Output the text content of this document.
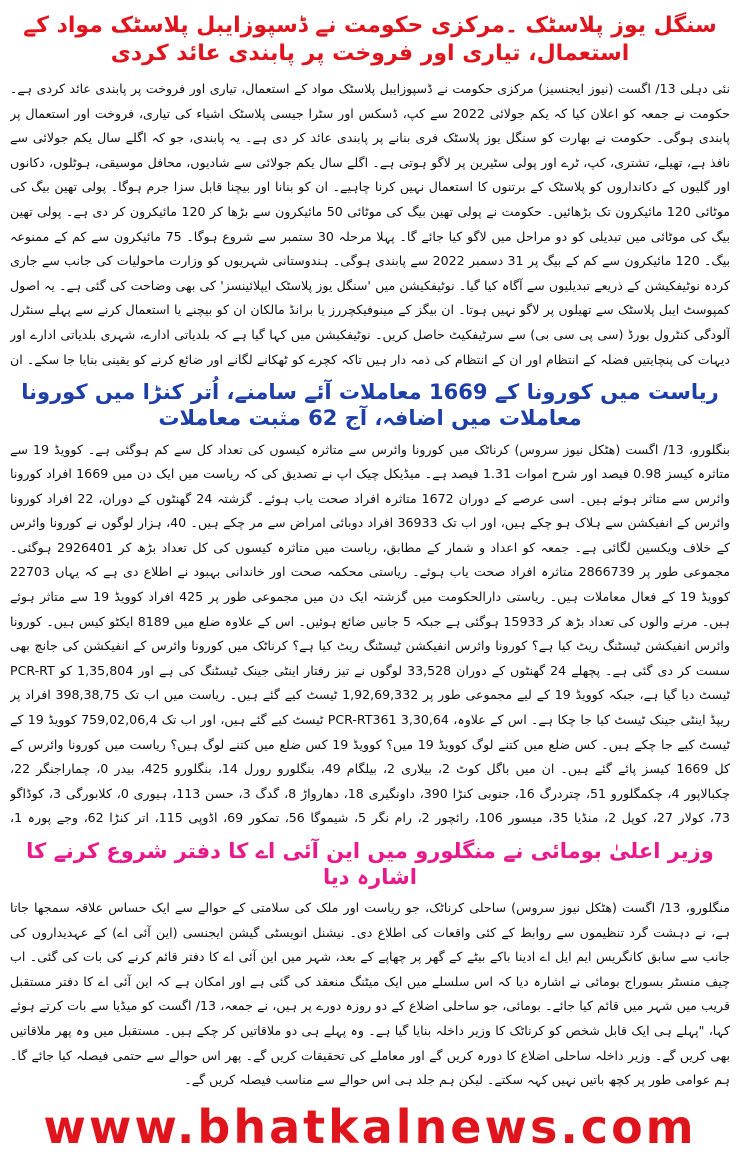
سنگل یوز پلاسٹک ۔مرکزی حکومت نے ڈسپوزایبل پلاسٹک مواد کے استعمال، تیاری اور فروخت پر پابندی عائد کردی

نئی دہلی 13/ اگست (نیوز ایجنسیز) مرکزی حکومت نے ڈسپوزایبل پلاسٹک مواد کے استعمال، تیاری اور فروخت پر پابندی عائد کردی ہے۔ حکومت نے جمعہ کو اعلان کیا کہ یکم جولائی 2022 سے کپ، ڈسکس اور سٹرا جیسی پلاسٹک اشیاء کی تیاری، فروخت اور استعمال پر پابندی ہوگی۔ حکومت نے بھارت کو سنگل یوز پلاسٹک فری بنانے پر پابندی عائد کر دی ہے۔ یہ پابندی، جو کہ اگلے سال یکم جولائی سے نافذ ہے، تھیلے، تشتری، کپ، ٹرے اور پولی سٹیرین پر لاگو ہوتی ہے۔ اگلے سال یکم جولائی سے شادیوں، محافل موسیقی، ہوٹلوں، دکانوں اور گلیوں کے دکانداروں کو پلاسٹک کے برتنوں کا استعمال نہیں کرنا چاہیے۔ ان کو بنانا اور بیچنا قابل سزا جرم ہوگا۔ پولی تھین بیگ کی موٹائی 120 مائیکرون تک بڑھائیں۔ حکومت نے پولی تھین بیگ کی موٹائی 50 مائیکرون سے بڑھا کر 120 مائیکرون کر دی ہے۔ پولی تھین بیگ کی موٹائی میں تبدیلی کو دو مراحل میں لاگو کیا جائے گا۔ پہلا مرحلہ 30 ستمبر سے شروع ہوگا۔ 75 مائیکرون سے کم کے ممنوعہ بیگ۔ 120 مائیکرون سے کم کے بیگ پر 31 دسمبر 2022 سے پابندی ہوگی۔ ہندوستانی شہریوں کو وزارت ماحولیات کی جانب سے جاری کردہ نوٹیفکیشن کے ذریعے تبدیلیوں سے آگاہ کیا گیا۔ نوٹیفکیشن میں 'سنگل یوز پلاسٹک ایپلائینسز' کی بھی وضاحت کی گئی ہے۔ یہ اصول کمپوسٹ ایبل پلاسٹک سے تھیلوں پر لاگو نہیں ہوتا۔ ان بیگز کے مینوفیکچررز یا برانڈ مالکان ان کو بیچنے یا استعمال کرنے سے پہلے سنٹرل آلودگی کنٹرول بورڈ (سی پی سی بی) سے سرٹیفکیٹ حاصل کریں۔ نوٹیفکیشن میں کہا گیا ہے کہ بلدیاتی ادارے، شہری بلدیاتی ادارے اور دیہات کی پنچایتیں فضلہ کے انتظام اور ان کے انتظام کی ذمہ دار ہیں تاکہ کچرے کو ٹھکانے لگانے اور ضائع کرنے کو یقینی بنایا جا سکے۔ ان

ریاست میں کورونا کے 1669 معاملات آئے سامنے، اُتر کنڑا میں کورونا معاملات میں اضافہ، آج 62 مثبت معاملات

بنگلورو، 13/ اگست (ھٹکل نیوز سروس) کرناٹک میں کورونا وائرس سے متاثرہ کیسوں کی تعداد کل سے کم ہوگئی ہے۔ کوویڈ 19 سے متاثرہ کیسز 0.98 فیصد اور شرح اموات 1.31 فیصد ہے۔ میڈیکل چیک اپ نے تصدیق کی کہ ریاست میں ایک دن میں 1669 افراد کورونا وائرس سے متاثر ہوئے ہیں۔ اسی عرصے کے دوران 1672 متاثرہ افراد صحت یاب ہوئے۔ گزشتہ 24 گھنٹوں کے دوران، 22 افراد کورونا وائرس کے انفیکشن سے ہلاک ہو چکے ہیں، اور اب تک 36933 افراد دوبائی امراض سے مر چکے ہیں۔ 40، ہزار لوگوں نے کورونا وائرس کے خلاف ویکسین لگائی ہے۔ جمعہ کو اعداد و شمار کے مطابق، ریاست میں متاثرہ کیسوں کی کل تعداد بڑھ کر 2926401 ہوگئی۔ مجموعی طور پر 2866739 متاثرہ افراد صحت یاب ہوئے۔ ریاستی محکمہ صحت اور خاندانی بہبود نے اطلاع دی ہے کہ یہاں 22703 کوویڈ 19 کے فعال معاملات ہیں۔ ریاستی دارالحکومت میں گزشتہ ایک دن میں مجموعی طور پر 425 افراد کوویڈ 19 سے متاثر ہوئے ہیں۔ مرنے والوں کی تعداد بڑھ کر 15933 ہوگئی ہے جبکہ 5 جانیں ضائع ہوئیں۔ اس کے علاوہ ضلع میں 8189 ایکٹو کیس ہیں۔ کورونا وائرس انفیکشن ٹیسٹنگ ریٹ کیا ہے؟ کورونا وائرس انفیکشن ٹیسٹنگ ریٹ کیا ہے؟ کرناٹک میں کورونا وائرس کے انفیکشن کی جانچ بھی سست کر دی گئی ہے۔ پچھلے 24 گھنٹوں کے دوران 33,528 لوگوں نے تیز رفتار اینٹی جینک ٹیسٹنگ کی ہے اور 1,35,804 کو PCR-RT ٹیسٹ دیا گیا ہے، جبکہ کوویڈ 19 کے لیے مجموعی طور پر 1,92,69,332 ٹیسٹ کیے گئے ہیں۔ ریاست میں اب تک 398,38,75 افراد پر ریپڈ اینٹی جینک ٹیسٹ کیا جا چکا ہے۔ اس کے علاوہ، 3,30,64 PCR-RT361 ٹیسٹ کیے گئے ہیں، اور اب تک 759,02,06,4 کوویڈ 19 کے ٹیسٹ کیے جا چکے ہیں۔ کس ضلع میں کتنے لوگ کوویڈ 19 میں؟ کوویڈ 19 کس ضلع میں کتنے لوگ ہیں؟ ریاست میں کورونا وائرس کے کل 1669 کیسز پائے گئے ہیں۔ ان میں باگل کوٹ 2، بیلاری 2، بیلگام 49، بنگلورو رورل 14، بنگلورو 425، بیدر 0، چماراجنگر 22، چکبالاپور 4، چکمگلورو 51، چتردرگ 16، جنوبی کنڑا 390، داونگیری 18، دھارواڑ 8، گدگ 3، حسن 113، ہیوری 0، کلابورگی 3، کوڈاگو 73، کولار 27، کوپل 2، منڈیا 35، میسور 106، رائچور 2، رام نگر 5، شیموگا 56، تمکور 69، اڈوپی 115، اتر کنڑا 62، وجے پورہ 1،

وزیر اعلیٰ بومائی نے منگلورو میں این آئی اے کا دفتر شروع کرنے کا اشارہ دیا

منگلورو، 13/ اگست (ھٹکل نیوز سروس) ساحلی کرناٹک، جو ریاست اور ملک کی سلامتی کے حوالے سے ایک حساس علاقہ سمجھا جاتا ہے، نے دہشت گرد تنظیموں سے روابط کے کئی واقعات کی اطلاع دی۔ نیشنل انویسٹی گیشن ایجنسی (این آئی اے) کے عہدیداروں کی جانب سے سابق کانگریس ایم ایل اے ادینا باکے بیٹے کے گھر پر چھاپے کے بعد، شہر میں این آئی اے کا دفتر قائم کرنے کی بات کی گئی۔ اب چیف منسٹر بسوراج بومائی نے اشارہ دیا کہ اس سلسلے میں ایک میٹنگ منعقد کی گئی ہے اور امکان ہے کہ این آئی اے کا دفتر مستقبل قریب میں شہر میں قائم کیا جائے۔ بومائی، جو ساحلی اضلاع کے دو روزہ دورے پر ہیں، نے جمعہ، 13/ اگست کو میڈیا سے بات کرتے ہوئے کہا، "پہلے ہی ایک قابل شخص کو کرناٹک کا وزیر داخلہ بنایا گیا ہے۔ وہ پہلے ہی دو ملاقاتیں کر چکے ہیں۔ مستقبل میں وہ پھر ملاقاتیں بھی کریں گے۔ وزیر داخلہ ساحلی اضلاع کا دورہ کریں گے اور معاملے کی تحقیقات کریں گے۔ پھر اس حوالے سے حتمی فیصلہ کیا جائے گا۔ ہم عوامی طور پر کچھ باتیں نہیں کہہ سکتے۔ لیکن ہم جلد ہی اس حوالے سے مناسب فیصلہ کریں گے۔

www.bhatkalnews.com
